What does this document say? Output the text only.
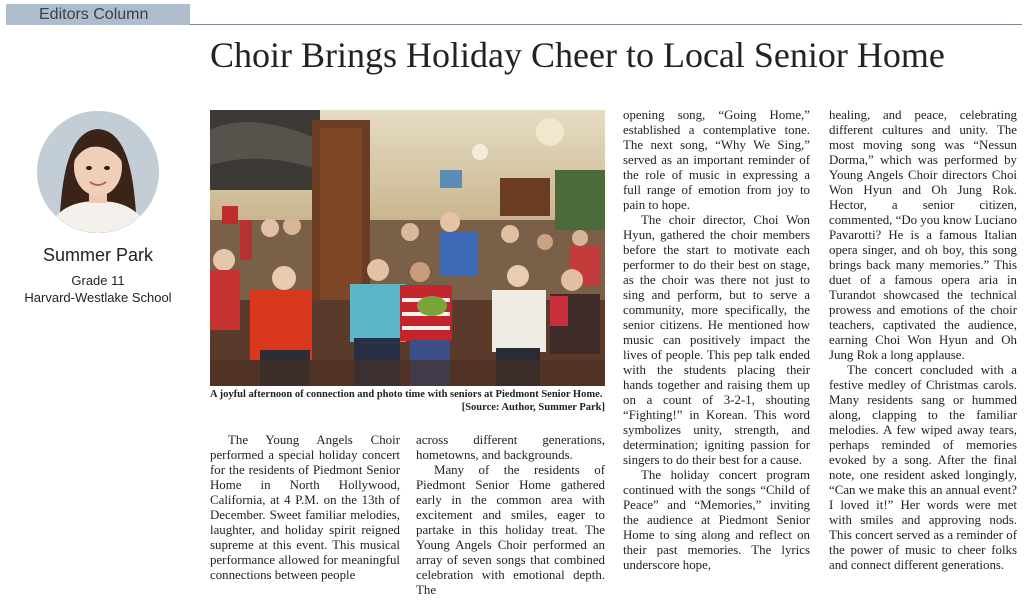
Editors Column
Choir Brings Holiday Cheer to Local Senior Home
Summer Park
Grade 11
Harvard-Westlake School
A joyful afternoon of connection and photo time with seniors at Piedmont Senior Home.
[Source: Author, Summer Park]

The Young Angels Choir performed a special holiday concert for the residents of Piedmont Senior Home in North Hollywood, California, at 4 P.M. on the 13th of December. Sweet familiar melodies, laughter, and holiday spirit reigned supreme at this event. This musical performance allowed for meaningful connections between people

across different generations, hometowns, and backgrounds.

Many of the residents of Piedmont Senior Home gathered early in the common area with excitement and smiles, eager to partake in this holiday treat. The Young Angels Choir performed an array of seven songs that combined celebration with emotional depth. The

opening song, “Going Home,” established a contemplative tone. The next song, “Why We Sing,” served as an important reminder of the role of music in expressing a full range of emotion from joy to pain to hope.

The choir director, Choi Won Hyun, gathered the choir members before the start to motivate each performer to do their best on stage, as the choir was there not just to sing and perform, but to serve a community, more specifically, the senior citizens. He mentioned how music can positively impact the lives of people. This pep talk ended with the students placing their hands together and raising them up on a count of 3-2-1, shouting “Fighting!” in Korean. This word symbolizes unity, strength, and determination; igniting passion for singers to do their best for a cause.

The holiday concert program continued with the songs “Child of Peace” and “Memories,” inviting the audience at Piedmont Senior Home to sing along and reflect on their past memories. The lyrics underscore hope,

healing, and peace, celebrating different cultures and unity. The most moving song was “Nessun Dorma,” which was performed by Young Angels Choir directors Choi Won Hyun and Oh Jung Rok. Hector, a senior citizen, commented, “Do you know Luciano Pavarotti? He is a famous Italian opera singer, and oh boy, this song brings back many memories.” This duet of a famous opera aria in Turandot showcased the technical prowess and emotions of the choir teachers, captivated the audience, earning Choi Won Hyun and Oh Jung Rok a long applause.

The concert concluded with a festive medley of Christmas carols. Many residents sang or hummed along, clapping to the familiar melodies. A few wiped away tears, perhaps reminded of memories evoked by a song. After the final note, one resident asked longingly, “Can we make this an annual event? I loved it!” Her words were met with smiles and approving nods. This concert served as a reminder of the power of music to cheer folks and connect different generations.
